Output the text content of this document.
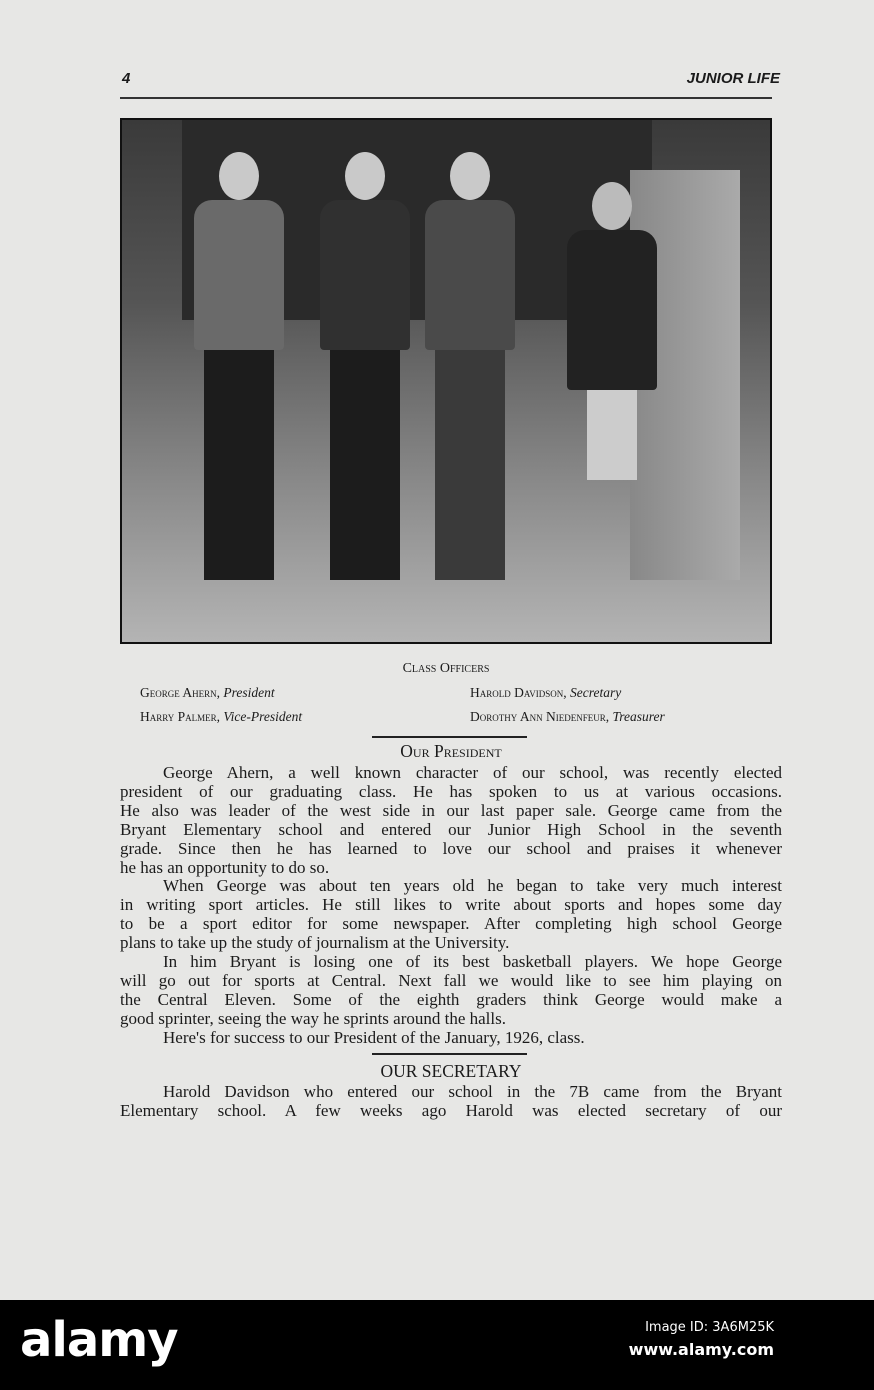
4	JUNIOR LIFE
Class Officers
George Ahern, President
Harry Palmer, Vice-President
Harold Davidson, Secretary
Dorothy Ann Niedenfeur, Treasurer
Our President
George Ahern, a well known character of our school, was recently elected
president of our graduating class. He has spoken to us at various occasions.
He also was leader of the west side in our last paper sale. George came from the
Bryant Elementary school and entered our Junior High School in the seventh
grade. Since then he has learned to love our school and praises it whenever
he has an opportunity to do so.
When George was about ten years old he began to take very much interest
in writing sport articles. He still likes to write about sports and hopes some day
to be a sport editor for some newspaper. After completing high school George
plans to take up the study of journalism at the University.
In him Bryant is losing one of its best basketball players. We hope George
will go out for sports at Central. Next fall we would like to see him playing on
the Central Eleven. Some of the eighth graders think George would make a
good sprinter, seeing the way he sprints around the halls.
Here's for success to our President of the January, 1926, class.
OUR SECRETARY
Harold Davidson who entered our school in the 7B came from the Bryant
Elementary school. A few weeks ago Harold was elected secretary of our
alamy	Image ID: 3A6M25K
www.alamy.com
